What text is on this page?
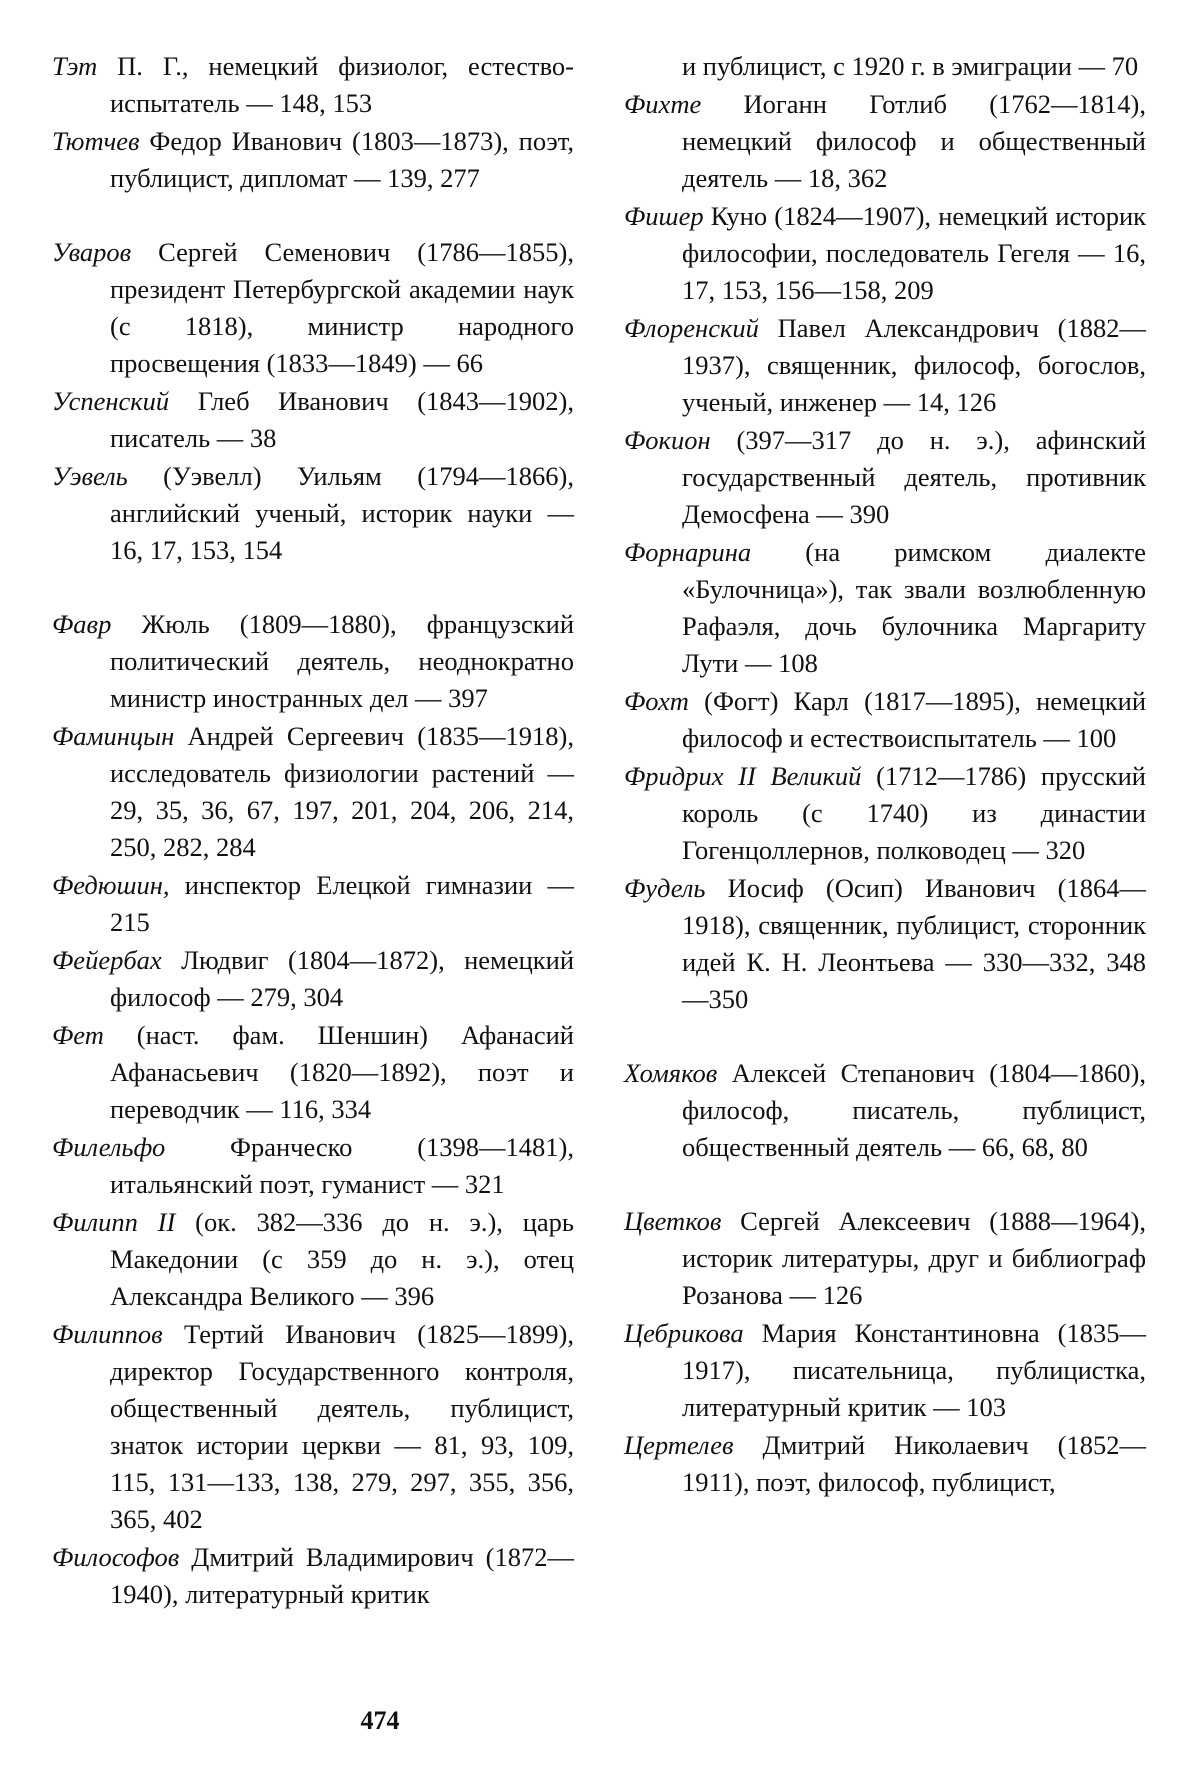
Тэт П. Г., немецкий физиолог, естество-испытатель — 148, 153

Тютчев Федор Иванович (1803—1873), поэт, публицист, дипломат — 139, 277

Уваров Сергей Семенович (1786—1855), президент Петербургской академии наук (с 1818), министр народного просвещения (1833—1849) — 66

Успенский Глеб Иванович (1843—1902), писатель — 38

Уэвель (Уэвелл) Уильям (1794—1866), английский ученый, историк науки — 16, 17, 153, 154

Фавр Жюль (1809—1880), французский политический деятель, неоднократно министр иностранных дел — 397

Фаминцын Андрей Сергеевич (1835—1918), исследователь физиологии растений — 29, 35, 36, 67, 197, 201, 204, 206, 214, 250, 282, 284

Федюшин, инспектор Елецкой гимназии — 215

Фейербах Людвиг (1804—1872), немецкий философ — 279, 304

Фет (наст. фам. Шеншин) Афанасий Афанасьевич (1820—1892), поэт и переводчик — 116, 334

Филельфо Франческо (1398—1481), итальянский поэт, гуманист — 321

Филипп II (ок. 382—336 до н. э.), царь Македонии (с 359 до н. э.), отец Александра Великого — 396

Филиппов Тертий Иванович (1825—1899), директор Государственного контроля, общественный деятель, публицист, знаток истории церкви — 81, 93, 109, 115, 131—133, 138, 279, 297, 355, 356, 365, 402

Философов Дмитрий Владимирович (1872—1940), литературный критик

и публицист, с 1920 г. в эмиграции — 70

Фихте Иоганн Готлиб (1762—1814), немецкий философ и общественный деятель — 18, 362

Фишер Куно (1824—1907), немецкий историк философии, последователь Гегеля — 16, 17, 153, 156—158, 209

Флоренский Павел Александрович (1882—1937), священник, философ, богослов, ученый, инженер — 14, 126

Фокион (397—317 до н. э.), афинский государственный деятель, противник Демосфена — 390

Форнарина (на римском диалекте «Булочница»), так звали возлюбленную Рафаэля, дочь булочника Маргариту Лути — 108

Фохт (Фогт) Карл (1817—1895), немецкий философ и естествоиспытатель — 100

Фридрих II Великий (1712—1786) прусский король (с 1740) из династии Гогенцоллернов, полководец — 320

Фудель Иосиф (Осип) Иванович (1864—1918), священник, публицист, сторонник идей К. Н. Леонтьева — 330—332, 348—350

Хомяков Алексей Степанович (1804—1860), философ, писатель, публицист, общественный деятель — 66, 68, 80

Цветков Сергей Алексеевич (1888—1964), историк литературы, друг и библиограф Розанова — 126

Цебрикова Мария Константиновна (1835—1917), писательница, публицистка, литературный критик — 103

Цертелев Дмитрий Николаевич (1852—1911), поэт, философ, публицист,

474
